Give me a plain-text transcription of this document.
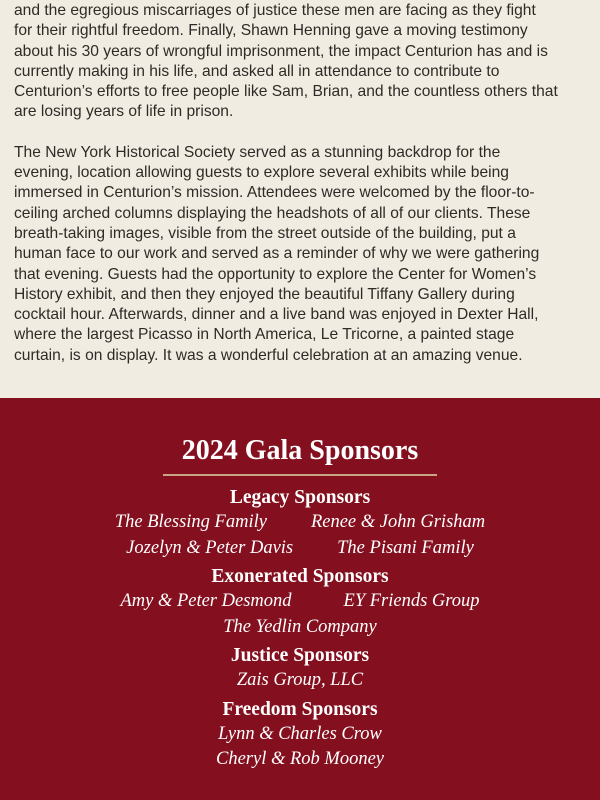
and the egregious miscarriages of justice these men are facing as they fight
for their rightful freedom. Finally, Shawn Henning gave a moving testimony
about his 30 years of wrongful imprisonment, the impact Centurion has and is
currently making in his life, and asked all in attendance to contribute to
Centurion’s efforts to free people like Sam, Brian, and the countless others that
are losing years of life in prison.

The New York Historical Society served as a stunning backdrop for the
evening, location allowing guests to explore several exhibits while being
immersed in Centurion’s mission. Attendees were welcomed by the floor-to-
ceiling arched columns displaying the headshots of all of our clients. These
breath-taking images, visible from the street outside of the building, put a
human face to our work and served as a reminder of why we were gathering
that evening. Guests had the opportunity to explore the Center for Women’s
History exhibit, and then they enjoyed the beautiful Tiffany Gallery during
cocktail hour. Afterwards, dinner and a live band was enjoyed in Dexter Hall,
where the largest Picasso in North America, Le Tricorne, a painted stage
curtain, is on display. It was a wonderful celebration at an amazing venue.

2024 Gala Sponsors
Legacy Sponsors
The Blessing Family Renee & John Grisham
Jozelyn & Peter Davis The Pisani Family
Exonerated Sponsors
Amy & Peter Desmond	EY Friends Group
The Yedlin Company
Justice Sponsors
Zais Group, LLC
Freedom Sponsors
Lynn & Charles Crow
Cheryl & Rob Mooney
